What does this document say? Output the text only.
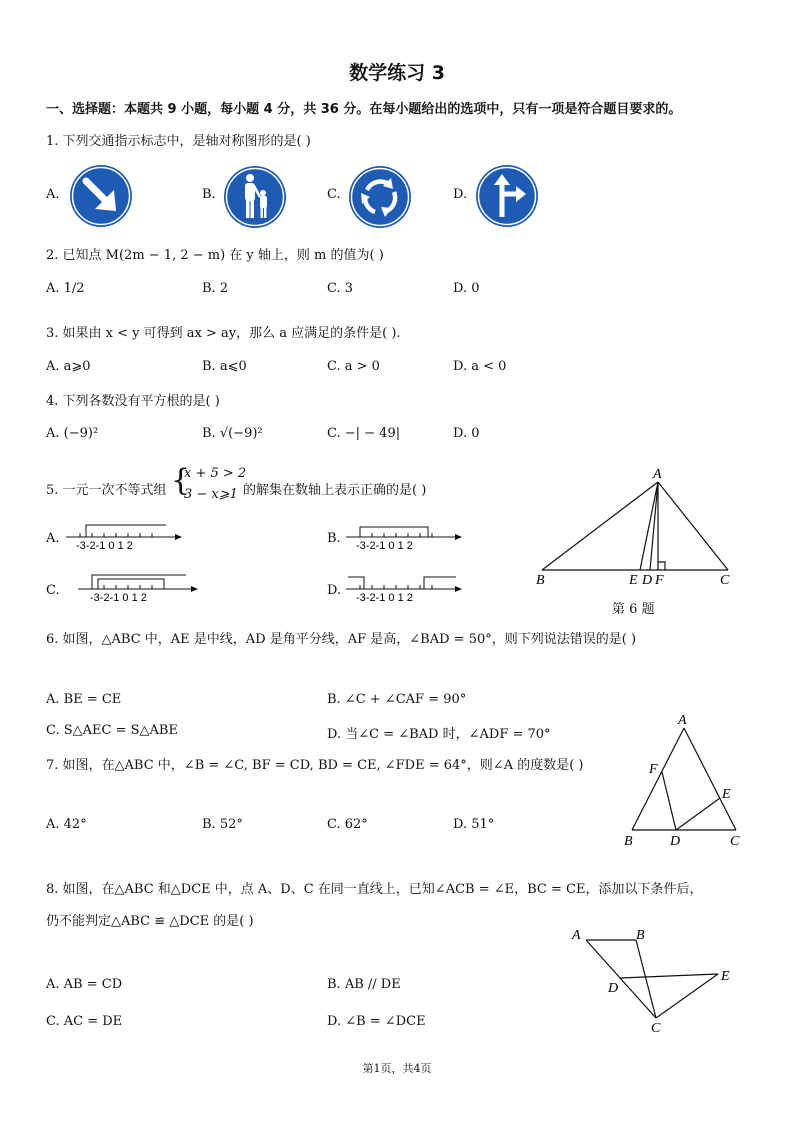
数学练习 3
一、选择题：本题共 9 小题，每小题 4 分，共 36 分。在每小题给出的选项中，只有一项是符合题目要求的。
1. 下列交通指示标志中，是轴对称图形的是( )
A.	B.	C.	D.
2. 已知点 M(2m − 1, 2 − m) 在 y 轴上，则 m 的值为( )
A. 1/2	B. 2	C. 3	D. 0
3. 如果由 x < y 可得到 ax > ay，那么 a 应满足的条件是( ).
A. a⩾0	B. a⩽0	C. a > 0	D. a < 0
4. 下列各数没有平方根的是( )
A. (−9)²	B. √(−9)²	C. −| − 49|	D. 0
5. 一元一次不等式组 {
x + 5 > 2
3 − x⩾1 的解集在数轴上表示正确的是( )
A.	B.
C.	D.
-3-2-1 0 1 2	-3-2-1 0 1 2
-3-2-1 0 1 2	-3-2-1 0 1 2
A
B	E D F	C
第 6 题
6. 如图，△ABC 中，AE 是中线，AD 是角平分线，AF 是高，∠BAD = 50°，则下列说法错误的是( )
A. BE = CE	B. ∠C + ∠CAF = 90°
C. S△AEC = S△ABE	D. 当∠C = ∠BAD 时，∠ADF = 70°
A
F
E
B	D	C
7. 如图，在△ABC 中，∠B = ∠C, BF = CD, BD = CE, ∠FDE = 64°，则∠A 的度数是( )
A. 42°	B. 52°	C. 62°	D. 51°
8. 如图，在△ABC 和△DCE 中，点 A、D、C 在同一直线上，已知∠ACB = ∠E，BC = CE，添加以下条件后，
仍不能判定△ABC ≌ △DCE 的是( )
A	B
D
E
C
A. AB = CD	B. AB // DE
C. AC = DE	D. ∠B = ∠DCE
第1页，共4页
